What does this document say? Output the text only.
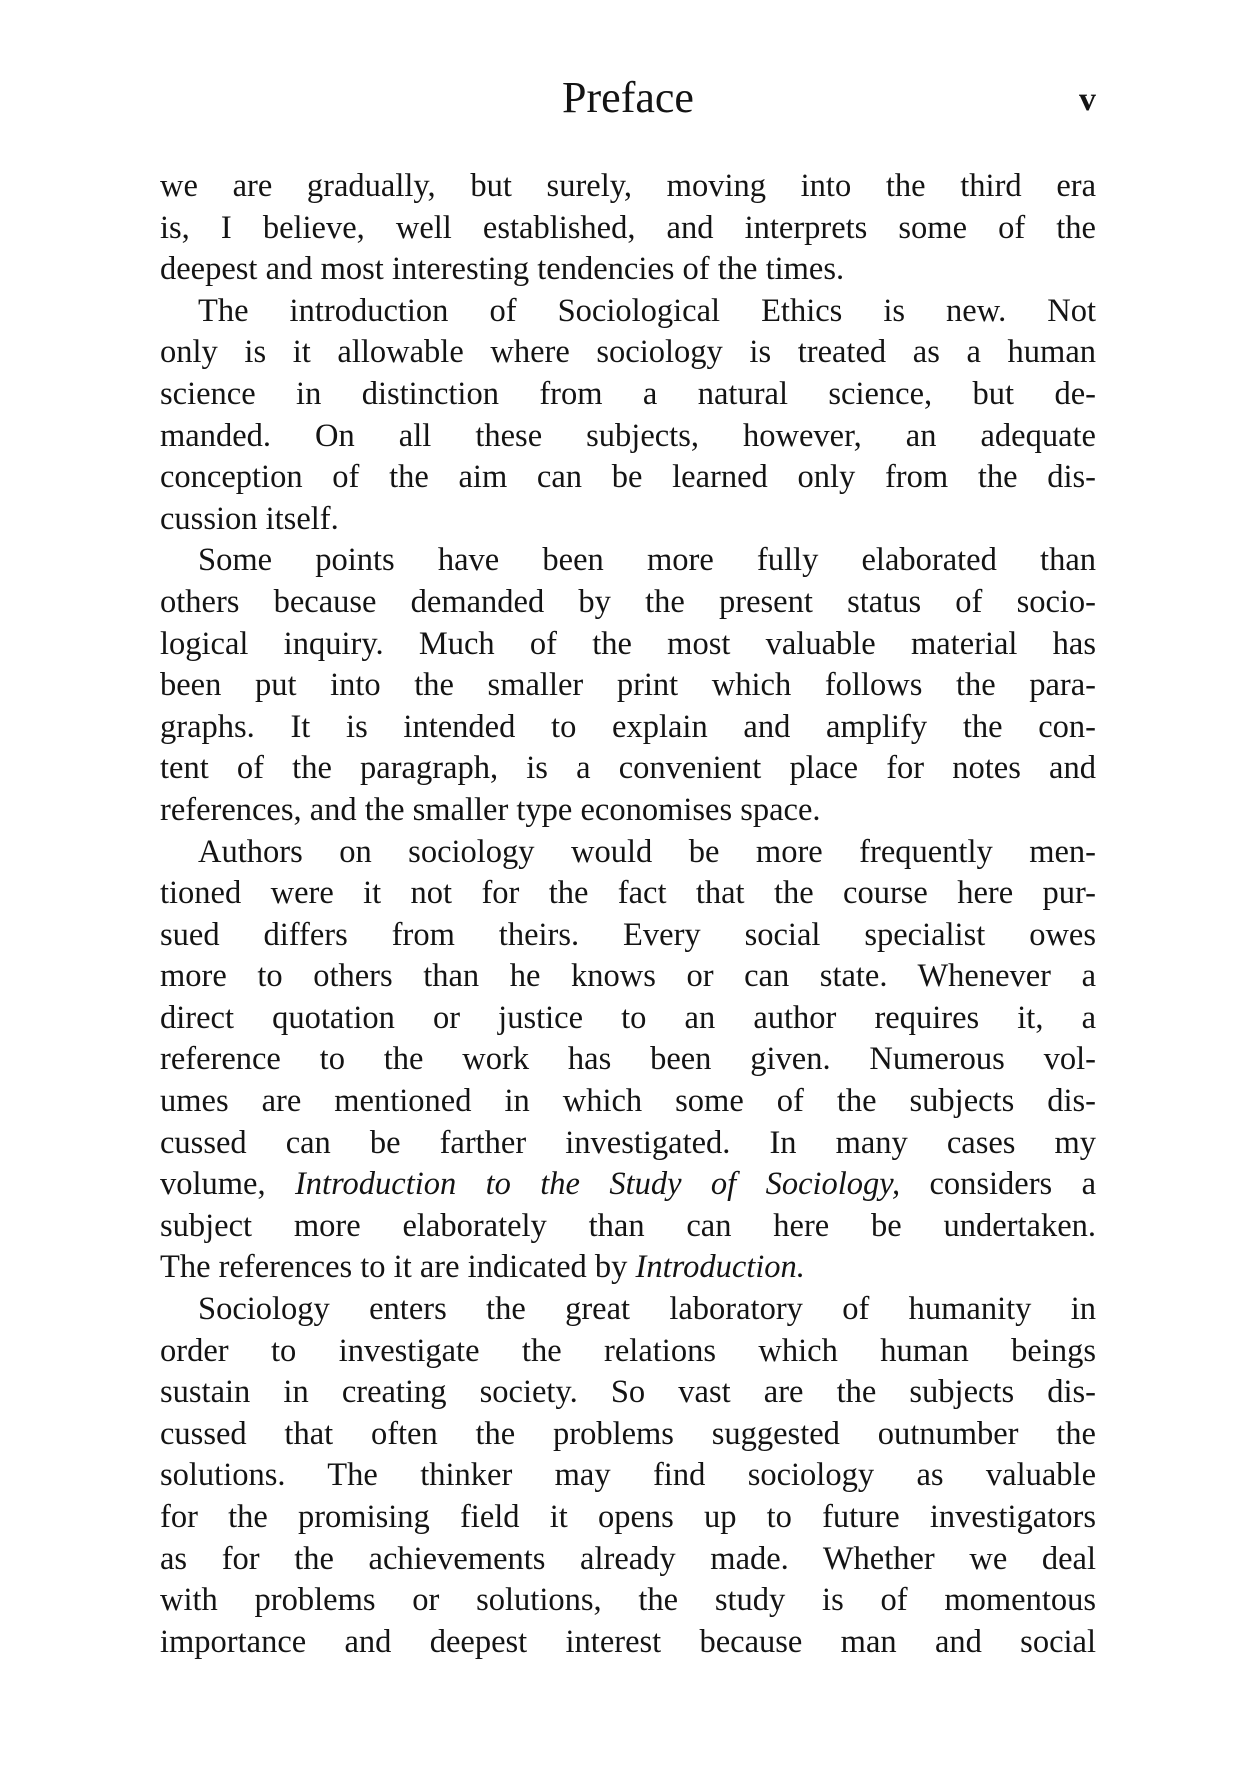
Preface	v
we are gradually, but surely, moving into the third era
is, I believe, well established, and interprets some of the
deepest and most interesting tendencies of the times.
The introduction of Sociological Ethics is new. Not
only is it allowable where sociology is treated as a human
science in distinction from a natural science, but de-
manded. On all these subjects, however, an adequate
conception of the aim can be learned only from the dis-
cussion itself.
Some points have been more fully elaborated than
others because demanded by the present status of socio-
logical inquiry. Much of the most valuable material has
been put into the smaller print which follows the para-
graphs. It is intended to explain and amplify the con-
tent of the paragraph, is a convenient place for notes and
references, and the smaller type economises space.
Authors on sociology would be more frequently men-
tioned were it not for the fact that the course here pur-
sued differs from theirs. Every social specialist owes
more to others than he knows or can state. Whenever a
direct quotation or justice to an author requires it, a
reference to the work has been given. Numerous vol-
umes are mentioned in which some of the subjects dis-
cussed can be farther investigated. In many cases my
volume, Introduction to the Study of Sociology, considers a
subject more elaborately than can here be undertaken.
The references to it are indicated by Introduction.
Sociology enters the great laboratory of humanity in
order to investigate the relations which human beings
sustain in creating society. So vast are the subjects dis-
cussed that often the problems suggested outnumber the
solutions. The thinker may find sociology as valuable
for the promising field it opens up to future investigators
as for the achievements already made. Whether we deal
with problems or solutions, the study is of momentous
importance and deepest interest because man and social
